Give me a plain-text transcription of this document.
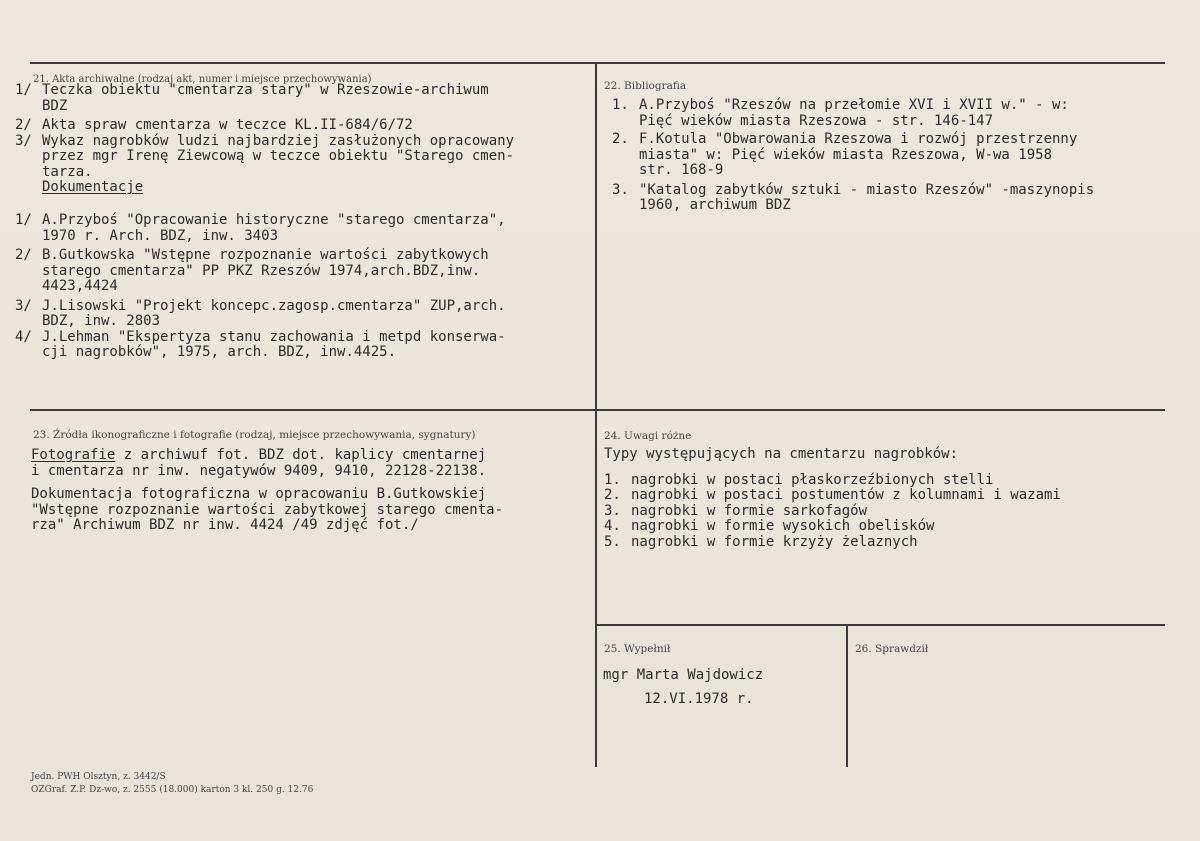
21. Akta archiwalne (rodzaj akt, numer i miejsce przechowywania)
1/ Teczka obiektu "cmentarza stary" w Rzeszowie-archiwum
BDZ
2/ Akta spraw cmentarza w teczce KL.II-684/6/72
3/ Wykaz nagrobków ludzi najbardziej zasłużonych opracowany
przez mgr Irenę Ziewcową w teczce obiektu "Starego cmen-
tarza.
Dokumentacje
1/ A.Przyboś "Opracowanie historyczne "starego cmentarza",
1970 r. Arch. BDZ, inw. 3403
2/ B.Gutkowska "Wstępne rozpoznanie wartości zabytkowych
starego cmentarza" PP PKZ Rzeszów 1974,arch.BDZ,inw.
4423,4424
3/ J.Lisowski "Projekt koncepc.zagosp.cmentarza" ZUP,arch.
BDZ, inw. 2803
4/ J.Lehman "Ekspertyza stanu zachowania i metpd konserwa-
cji nagrobków", 1975, arch. BDZ, inw.4425.
22. Bibliografia
1. A.Przyboś "Rzeszów na przełomie XVI i XVII w." - w:
Pięć wieków miasta Rzeszowa - str. 146-147
2. F.Kotula "Obwarowania Rzeszowa i rozwój przestrzenny
miasta" w: Pięć wieków miasta Rzeszowa, W-wa 1958
str. 168-9
3. "Katalog zabytków sztuki - miasto Rzeszów" -maszynopis
1960, archiwum BDZ
23. Źródła ikonograficzne i fotografie (rodzaj, miejsce przechowywania, sygnatury)
Fotografie z archiwuf fot. BDZ dot. kaplicy cmentarnej
i cmentarza nr inw. negatywów 9409, 9410, 22128-22138.
Dokumentacja fotograficzna w opracowaniu B.Gutkowskiej
"Wstępne rozpoznanie wartości zabytkowej starego cmenta-
rza" Archiwum BDZ nr inw. 4424 /49 zdjęć fot./
24. Uwagi różne
Typy występujących na cmentarzu nagrobków:
1. nagrobki w postaci płaskorzeźbionych stelli
2. nagrobki w postaci postumentów z kolumnami i wazami
3. nagrobki w formie sarkofagów
4. nagrobki w formie wysokich obelisków
5. nagrobki w formie krzyży żelaznych
25. Wypełnił
mgr Marta Wajdowicz
12.VI.1978 r.
26. Sprawdził
Jedn. PWH Olsztyn, z. 3442/S
OZGraf. Z.P. Dz-wo, z. 2555 (18.000) karton 3 kl. 250 g. 12.76
